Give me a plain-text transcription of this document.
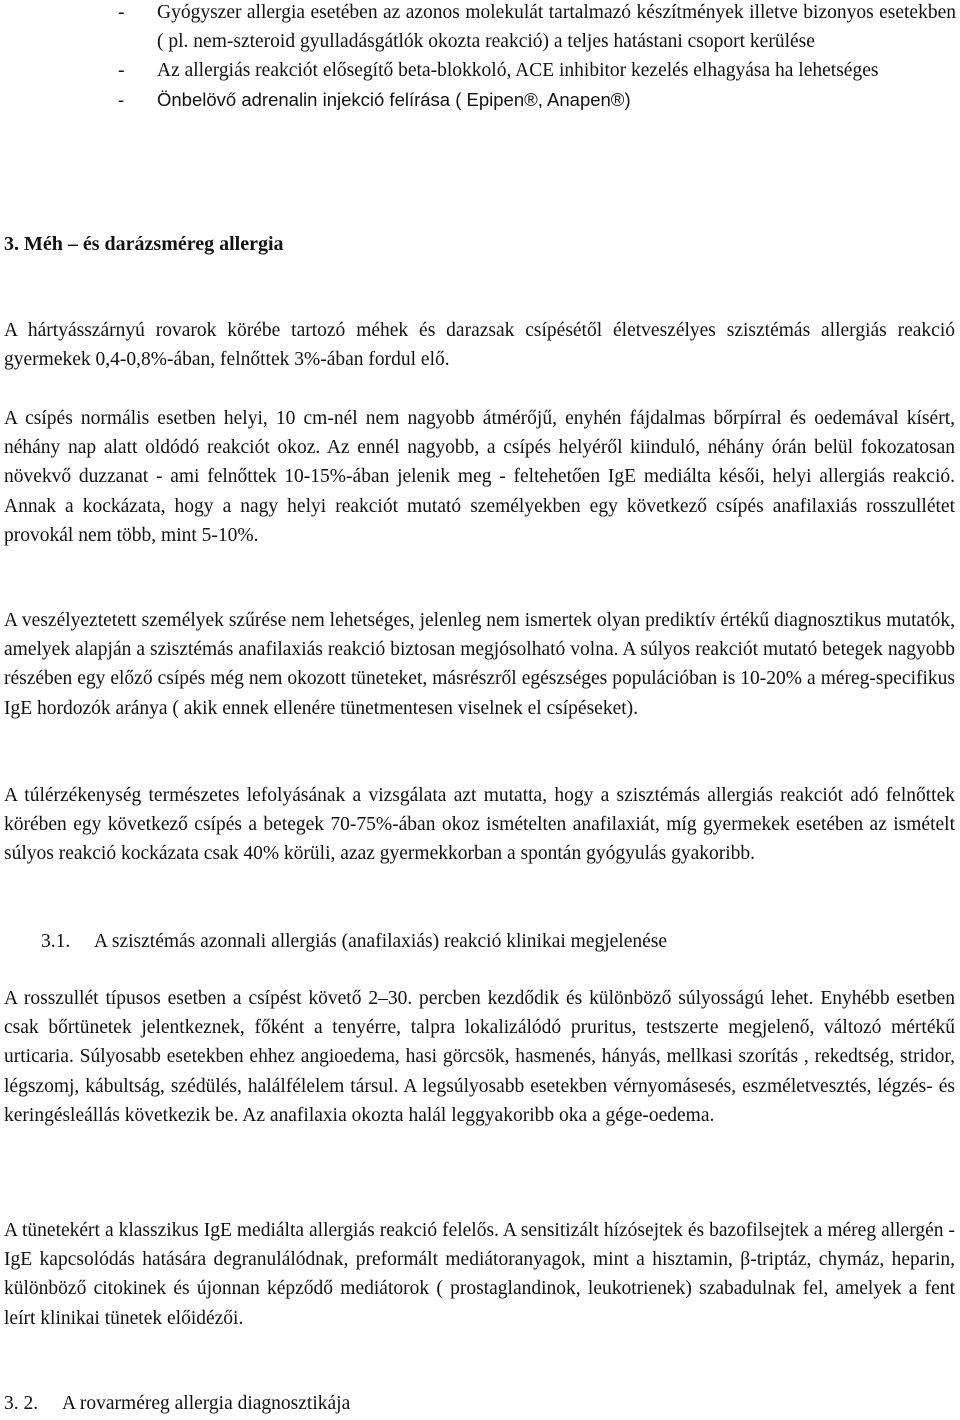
- Gyógyszer allergia esetében az azonos molekulát tartalmazó készítmények illetve bizonyos esetekben ( pl. nem-szteroid gyulladásgátlók okozta reakció) a teljes hatástani csoport kerülése
- Az allergiás reakciót elősegítő beta-blokkoló, ACE inhibitor kezelés elhagyása ha lehetséges
- Önbelövő adrenalin injekció felírása ( Epipen®, Anapen®)
3. Méh – és darázsméreg allergia

A hártyásszárnyú rovarok körébe tartozó méhek és darazsak csípésétől életveszélyes szisztémás allergiás reakció gyermekek 0,4-0,8%-ában, felnőttek 3%-ában fordul elő.

A csípés normális esetben helyi, 10 cm-nél nem nagyobb átmérőjű, enyhén fájdalmas bőrpírral és oedemával kísért, néhány nap alatt oldódó reakciót okoz. Az ennél nagyobb, a csípés helyéről kiinduló, néhány órán belül fokozatosan növekvő duzzanat - ami felnőttek 10-15%-ában jelenik meg - feltehetően IgE mediálta késői, helyi allergiás reakció. Annak a kockázata, hogy a nagy helyi reakciót mutató személyekben egy következő csípés anafilaxiás rosszullétet provokál nem több, mint 5-10%.

A veszélyeztetett személyek szűrése nem lehetséges, jelenleg nem ismertek olyan prediktív értékű diagnosztikus mutatók, amelyek alapján a szisztémás anafilaxiás reakció biztosan megjósolható volna. A súlyos reakciót mutató betegek nagyobb részében egy előző csípés még nem okozott tüneteket, másrészről egészséges populációban is 10-20% a méreg-specifikus IgE hordozók aránya ( akik ennek ellenére tünetmentesen viselnek el csípéseket).

A túlérzékenység természetes lefolyásának a vizsgálata azt mutatta, hogy a szisztémás allergiás reakciót adó felnőttek körében egy következő csípés a betegek 70-75%-ában okoz ismételten anafilaxiát, míg gyermekek esetében az ismételt súlyos reakció kockázata csak 40% körüli, azaz gyermekkorban a spontán gyógyulás gyakoribb.

3.1. A szisztémás azonnali allergiás (anafilaxiás) reakció klinikai megjelenése

A rosszullét típusos esetben a csípést követő 2–30. percben kezdődik és különböző súlyosságú lehet. Enyhébb esetben csak bőrtünetek jelentkeznek, főként a tenyérre, talpra lokalizálódó pruritus, testszerte megjelenő, változó mértékű urticaria. Súlyosabb esetekben ehhez angioedema, hasi görcsök, hasmenés, hányás, mellkasi szorítás , rekedtség, stridor, légszomj, kábultság, szédülés, halálfélelem társul. A legsúlyosabb esetekben vérnyomásesés, eszméletvesztés, légzés- és keringésleállás következik be. Az anafilaxia okozta halál leggyakoribb oka a gége-oedema.

A tünetekért a klasszikus IgE mediálta allergiás reakció felelős. A sensitizált hízósejtek és bazofilsejtek a méreg allergén - IgE kapcsolódás hatására degranulálódnak, preformált mediátoranyagok, mint a hisztamin, β-triptáz, chymáz, heparin, különböző citokinek és újonnan képződő mediátorok ( prostaglandinok, leukotrienek) szabadulnak fel, amelyek a fent leírt klinikai tünetek előidézői.

3. 2. A rovarméreg allergia diagnosztikája
